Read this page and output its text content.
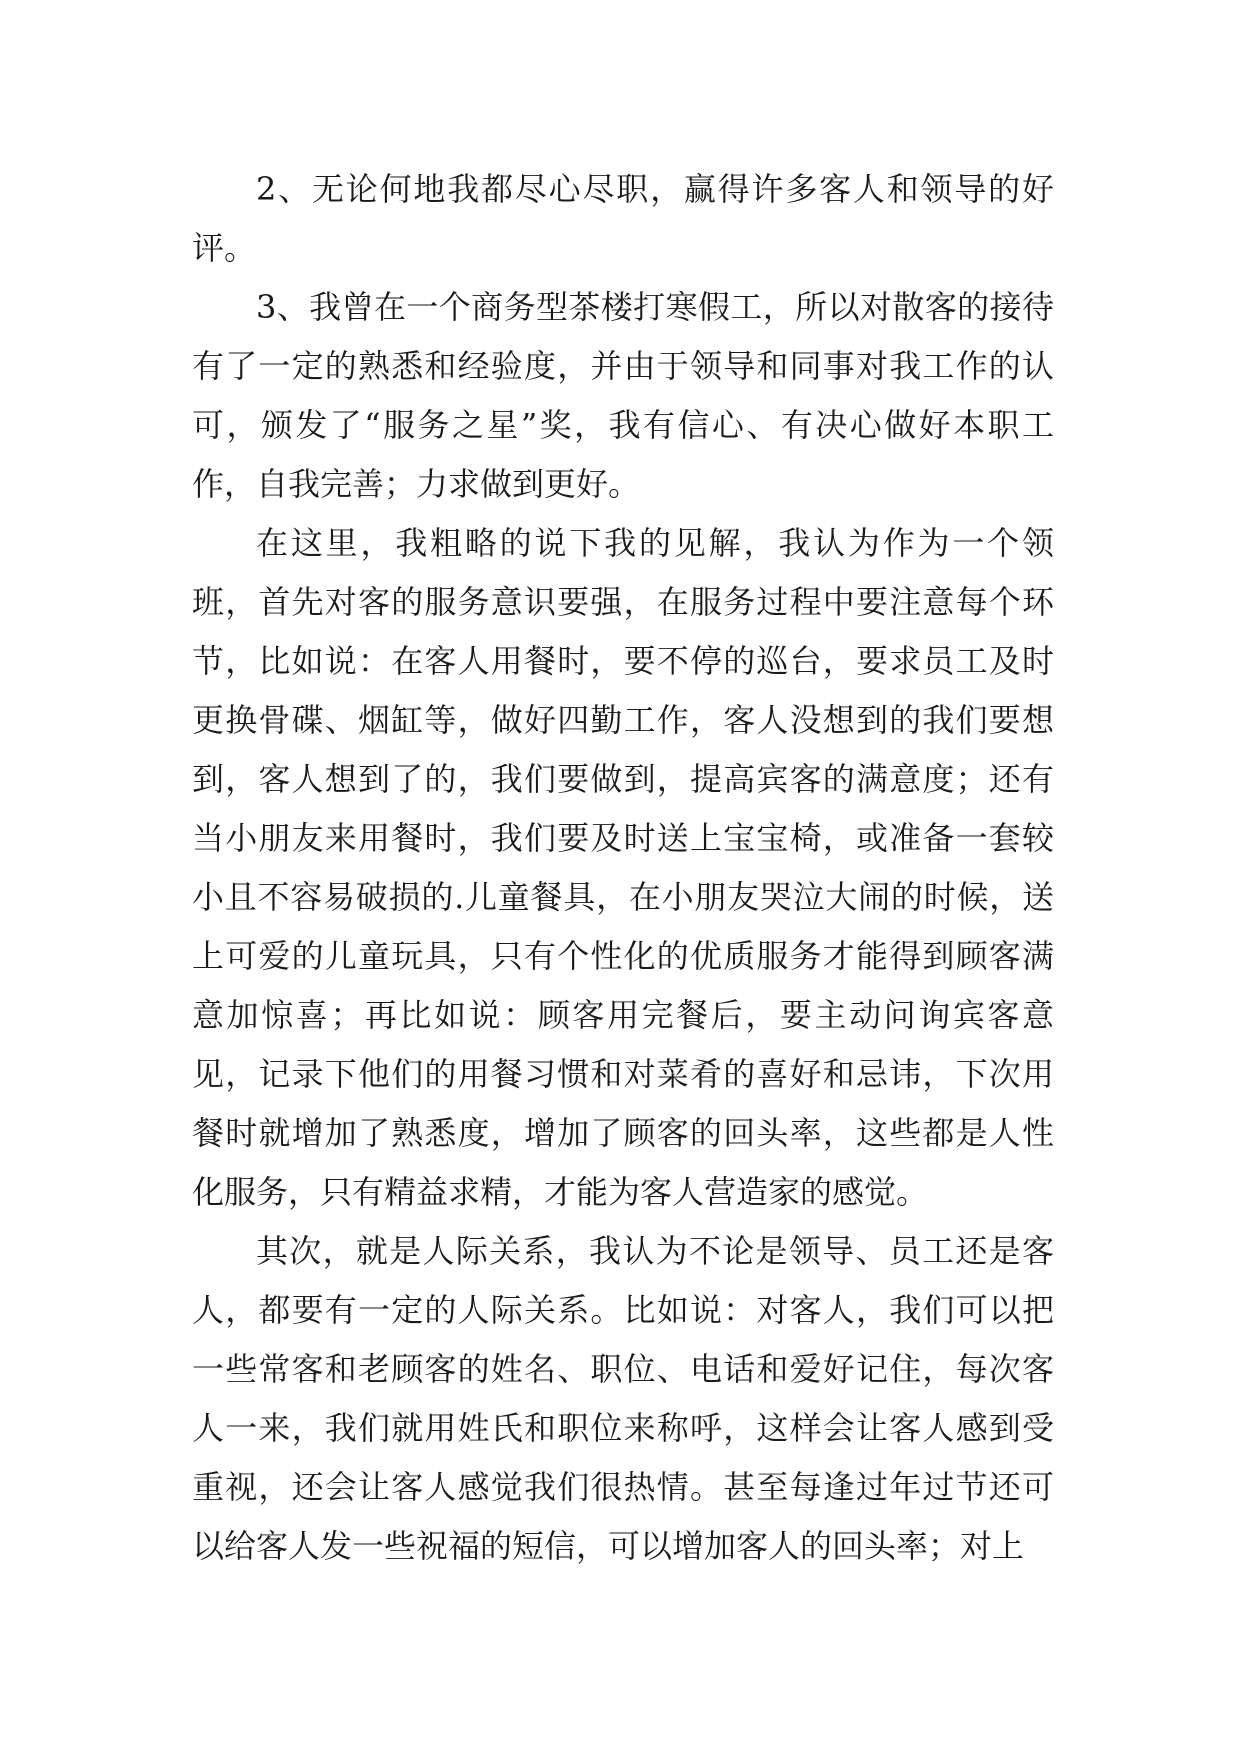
2、无论何地我都尽心尽职，赢得许多客人和领导的好评。

3、我曾在一个商务型茶楼打寒假工，所以对散客的接待有了一定的熟悉和经验度，并由于领导和同事对我工作的认可，颁发了“服务之星”奖，我有信心、有决心做好本职工作，自我完善；力求做到更好。

在这里，我粗略的说下我的见解，我认为作为一个领班，首先对客的服务意识要强，在服务过程中要注意每个环节，比如说：在客人用餐时，要不停的巡台，要求员工及时更换骨碟、烟缸等，做好四勤工作，客人没想到的我们要想到，客人想到了的，我们要做到，提高宾客的满意度；还有当小朋友来用餐时，我们要及时送上宝宝椅，或准备一套较小且不容易破损的.儿童餐具，在小朋友哭泣大闹的时候，送上可爱的儿童玩具，只有个性化的优质服务才能得到顾客满意加惊喜；再比如说：顾客用完餐后，要主动问询宾客意见，记录下他们的用餐习惯和对菜肴的喜好和忌讳，下次用餐时就增加了熟悉度，增加了顾客的回头率，这些都是人性化服务，只有精益求精，才能为客人营造家的感觉。

其次，就是人际关系，我认为不论是领导、员工还是客人，都要有一定的人际关系。比如说：对客人，我们可以把一些常客和老顾客的姓名、职位、电话和爱好记住，每次客人一来，我们就用姓氏和职位来称呼，这样会让客人感到受重视，还会让客人感觉我们很热情。甚至每逢过年过节还可以给客人发一些祝福的短信，可以增加客人的回头率；对上
